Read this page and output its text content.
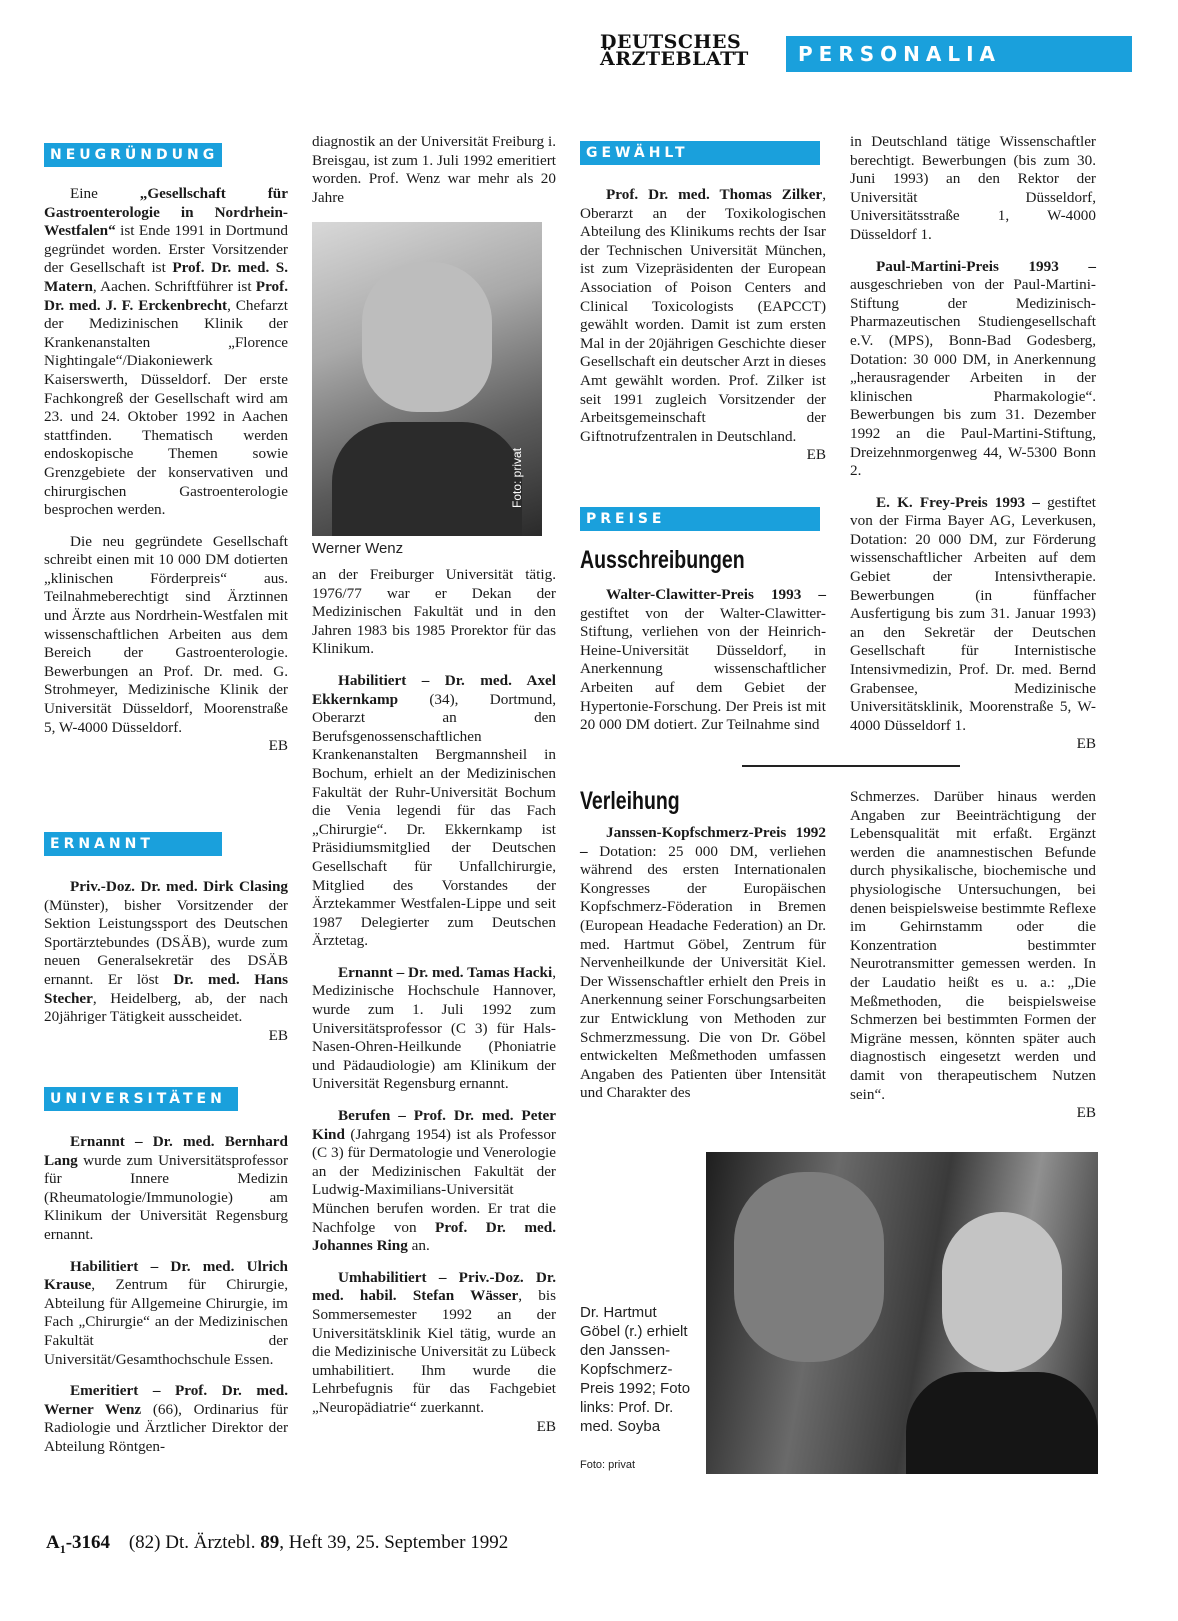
DEUTSCHES
ÄRZTEBLATT	PERSONALIA
NEUGRÜNDUNG

Eine „Gesellschaft für Gastroenterologie in Nordrhein-Westfalen“ ist Ende 1991 in Dortmund gegründet worden. Erster Vorsitzender der Gesellschaft ist Prof. Dr. med. S. Matern, Aachen. Schriftführer ist Prof. Dr. med. J. F. Erckenbrecht, Chefarzt der Medizinischen Klinik der Krankenanstalten „Florence Nightingale“/Diakoniewerk Kaiserswerth, Düsseldorf. Der erste Fachkongreß der Gesellschaft wird am 23. und 24. Oktober 1992 in Aachen stattfinden. Thematisch werden endoskopische Themen sowie Grenzgebiete der konservativen und chirurgischen Gastroenterologie besprochen werden.

Die neu gegründete Gesellschaft schreibt einen mit 10 000 DM dotierten „klinischen Förderpreis“ aus. Teilnahmeberechtigt sind Ärztinnen und Ärzte aus Nordrhein-Westfalen mit wissenschaftlichen Arbeiten aus dem Bereich der Gastroenterologie. Bewerbungen an Prof. Dr. med. G. Strohmeyer, Medizinische Klinik der Universität Düsseldorf, Moorenstraße 5, W-4000 Düsseldorf.

EB
ERNANNT

Priv.-Doz. Dr. med. Dirk Clasing (Münster), bisher Vorsitzender der Sektion Leistungssport des Deutschen Sportärztebundes (DSÄB), wurde zum neuen Generalsekretär des DSÄB ernannt. Er löst Dr. med. Hans Stecher, Heidelberg, ab, der nach 20jähriger Tätigkeit ausscheidet.

EB
UNIVERSITÄTEN

Ernannt – Dr. med. Bernhard Lang wurde zum Universitätsprofessor für Innere Medizin (Rheumatologie/Immunologie) am Klinikum der Universität Regensburg ernannt.

Habilitiert – Dr. med. Ulrich Krause, Zentrum für Chirurgie, Abteilung für Allgemeine Chirurgie, im Fach „Chirurgie“ an der Medizinischen Fakultät der Universität/Gesamthochschule Essen.

Emeritiert – Prof. Dr. med. Werner Wenz (66), Ordinarius für Radiologie und Ärztlicher Direktor der Abteilung Röntgen-

diagnostik an der Universität Freiburg i. Breisgau, ist zum 1. Juli 1992 emeritiert worden. Prof. Wenz war mehr als 20 Jahre

Foto: privat
Werner Wenz

an der Freiburger Universität tätig. 1976/77 war er Dekan der Medizinischen Fakultät und in den Jahren 1983 bis 1985 Prorektor für das Klinikum.

Habilitiert – Dr. med. Axel Ekkernkamp (34), Dortmund, Oberarzt an den Berufsgenossenschaftlichen Krankenanstalten Bergmannsheil in Bochum, erhielt an der Medizinischen Fakultät der Ruhr-Universität Bochum die Venia legendi für das Fach „Chirurgie“. Dr. Ekkernkamp ist Präsidiumsmitglied der Deutschen Gesellschaft für Unfallchirurgie, Mitglied des Vorstandes der Ärztekammer Westfalen-Lippe und seit 1987 Delegierter zum Deutschen Ärztetag.

Ernannt – Dr. med. Tamas Hacki, Medizinische Hochschule Hannover, wurde zum 1. Juli 1992 zum Universitätsprofessor (C 3) für Hals-Nasen-Ohren-Heilkunde (Phoniatrie und Pädaudiologie) am Klinikum der Universität Regensburg ernannt.

Berufen – Prof. Dr. med. Peter Kind (Jahrgang 1954) ist als Professor (C 3) für Dermatologie und Venerologie an der Medizinischen Fakultät der Ludwig-Maximilians-Universität München berufen worden. Er trat die Nachfolge von Prof. Dr. med. Johannes Ring an.

Umhabilitiert – Priv.-Doz. Dr. med. habil. Stefan Wässer, bis Sommersemester 1992 an der Universitätsklinik Kiel tätig, wurde an die Medizinische Universität zu Lübeck umhabilitiert. Ihm wurde die Lehrbefugnis für das Fachgebiet „Neuropädiatrie“ zuerkannt.

EB
GEWÄHLT

Prof. Dr. med. Thomas Zilker, Oberarzt an der Toxikologischen Abteilung des Klinikums rechts der Isar der Technischen Universität München, ist zum Vizepräsidenten der European Association of Poison Centers and Clinical Toxicologists (EAPCCT) gewählt worden. Damit ist zum ersten Mal in der 20jährigen Geschichte dieser Gesellschaft ein deutscher Arzt in dieses Amt gewählt worden. Prof. Zilker ist seit 1991 zugleich Vorsitzender der Arbeitsgemeinschaft der Giftnotrufzentralen in Deutschland.

EB
PREISE
Ausschreibungen

Walter-Clawitter-Preis 1993 – gestiftet von der Walter-Clawitter-Stiftung, verliehen von der Heinrich-Heine-Universität Düsseldorf, in Anerkennung wissenschaftlicher Arbeiten auf dem Gebiet der Hypertonie-Forschung. Der Preis ist mit 20 000 DM dotiert. Zur Teilnahme sind

Verleihung

Janssen-Kopfschmerz-Preis 1992 – Dotation: 25 000 DM, verliehen während des ersten Internationalen Kongresses der Europäischen Kopfschmerz-Föderation in Bremen (European Headache Federation) an Dr. med. Hartmut Göbel, Zentrum für Nervenheilkunde der Universität Kiel. Der Wissenschaftler erhielt den Preis in Anerkennung seiner Forschungsarbeiten zur Entwicklung von Methoden zur Schmerzmessung. Die von Dr. Göbel entwickelten Meßmethoden umfassen Angaben des Patienten über Intensität und Charakter des

in Deutschland tätige Wissenschaftler berechtigt. Bewerbungen (bis zum 30. Juni 1993) an den Rektor der Universität Düsseldorf, Universitätsstraße 1, W-4000 Düsseldorf 1.

Paul-Martini-Preis 1993 – ausgeschrieben von der Paul-Martini-Stiftung der Medizinisch-Pharmazeutischen Studiengesellschaft e.V. (MPS), Bonn-Bad Godesberg, Dotation: 30 000 DM, in Anerkennung „herausragender Arbeiten in der klinischen Pharmakologie“. Bewerbungen bis zum 31. Dezember 1992 an die Paul-Martini-Stiftung, Dreizehnmorgenweg 44, W-5300 Bonn 2.

E. K. Frey-Preis 1993 – gestiftet von der Firma Bayer AG, Leverkusen, Dotation: 20 000 DM, zur Förderung wissenschaftlicher Arbeiten auf dem Gebiet der Intensivtherapie. Bewerbungen (in fünffacher Ausfertigung bis zum 31. Januar 1993) an den Sekretär der Deutschen Gesellschaft für Internistische Intensivmedizin, Prof. Dr. med. Bernd Grabensee, Medizinische Universitätsklinik, Moorenstraße 5, W-4000 Düsseldorf 1.

EB

Schmerzes. Darüber hinaus werden Angaben zur Beeinträchtigung der Lebensqualität mit erfaßt. Ergänzt werden die anamnestischen Befunde durch physikalische, biochemische und physiologische Untersuchungen, bei denen beispielsweise bestimmte Reflexe im Gehirnstamm oder die Konzentration bestimmter Neurotransmitter gemessen werden. In der Laudatio heißt es u. a.: „Die Meßmethoden, die beispielsweise Schmerzen bei bestimmten Formen der Migräne messen, könnten später auch diagnostisch eingesetzt werden und damit von therapeutischem Nutzen sein“.

EB
Dr. Hartmut Göbel (r.) erhielt den Janssen-Kopfschmerz-Preis 1992; Foto links: Prof. Dr. med. Soyba
Foto: privat
$A_1-3164$ (82) Dt. Ärztebl. 89, Heft 39, 25. September 1992
